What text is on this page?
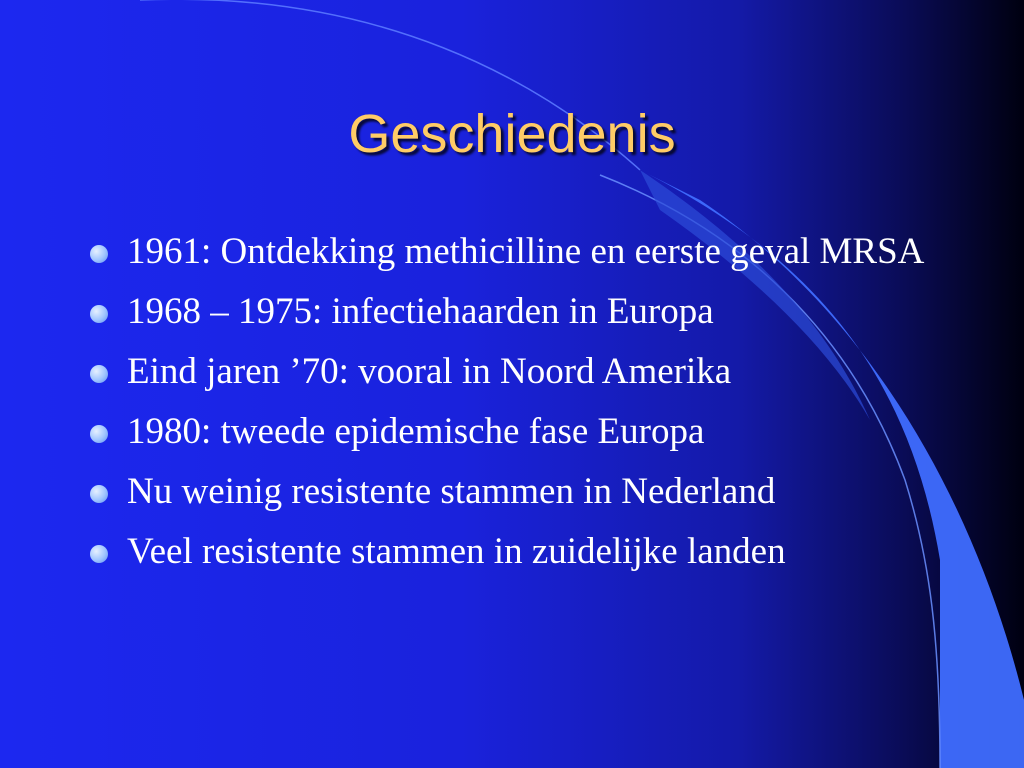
Geschiedenis
1961: Ontdekking methicilline en eerste geval MRSA
1968 – 1975: infectiehaarden in Europa
Eind jaren ’70: vooral in Noord Amerika
1980: tweede epidemische fase Europa
Nu weinig resistente stammen in Nederland
Veel resistente stammen in zuidelijke landen
